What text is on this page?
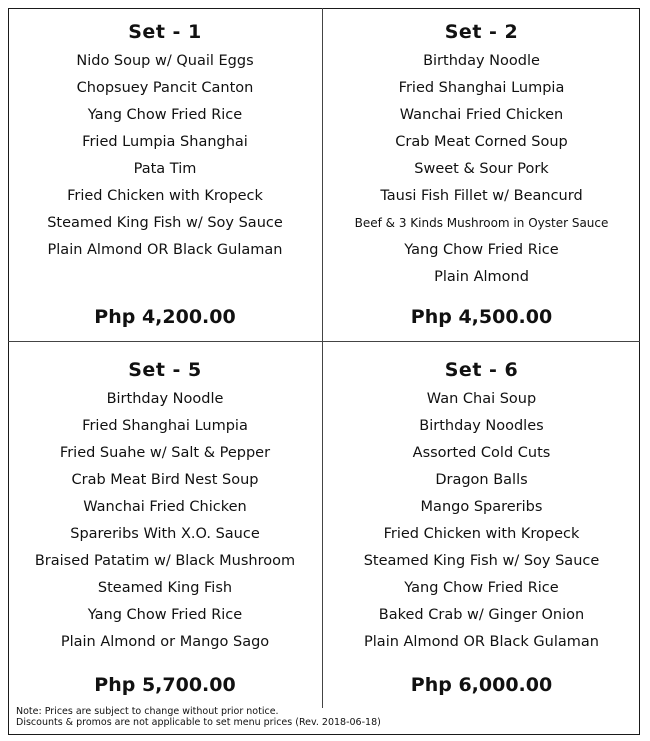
Set - 1
Nido Soup w/ Quail Eggs
Chopsuey Pancit Canton
Yang Chow Fried Rice
Fried Lumpia Shanghai
Pata Tim
Fried Chicken with Kropeck
Steamed King Fish w/ Soy Sauce
Plain Almond OR Black Gulaman
Php 4,200.00
Set - 2
Birthday Noodle
Fried Shanghai Lumpia
Wanchai Fried Chicken
Crab Meat Corned Soup
Sweet & Sour Pork
Tausi Fish Fillet w/ Beancurd
Beef & 3 Kinds Mushroom in Oyster Sauce
Yang Chow Fried Rice
Plain Almond
Php 4,500.00
Set - 5
Birthday Noodle
Fried Shanghai Lumpia
Fried Suahe w/ Salt & Pepper
Crab Meat Bird Nest Soup
Wanchai Fried Chicken
Spareribs With X.O. Sauce
Braised Patatim w/ Black Mushroom
Steamed King Fish
Yang Chow Fried Rice
Plain Almond or Mango Sago
Php 5,700.00
Set - 6
Wan Chai Soup
Birthday Noodles
Assorted Cold Cuts
Dragon Balls
Mango Spareribs
Fried Chicken with Kropeck
Steamed King Fish w/ Soy Sauce
Yang Chow Fried Rice
Baked Crab w/ Ginger Onion
Plain Almond OR Black Gulaman
Php 6,000.00
Note: Prices are subject to change without prior notice.
Discounts & promos are not applicable to set menu prices (Rev. 2018-06-18)
